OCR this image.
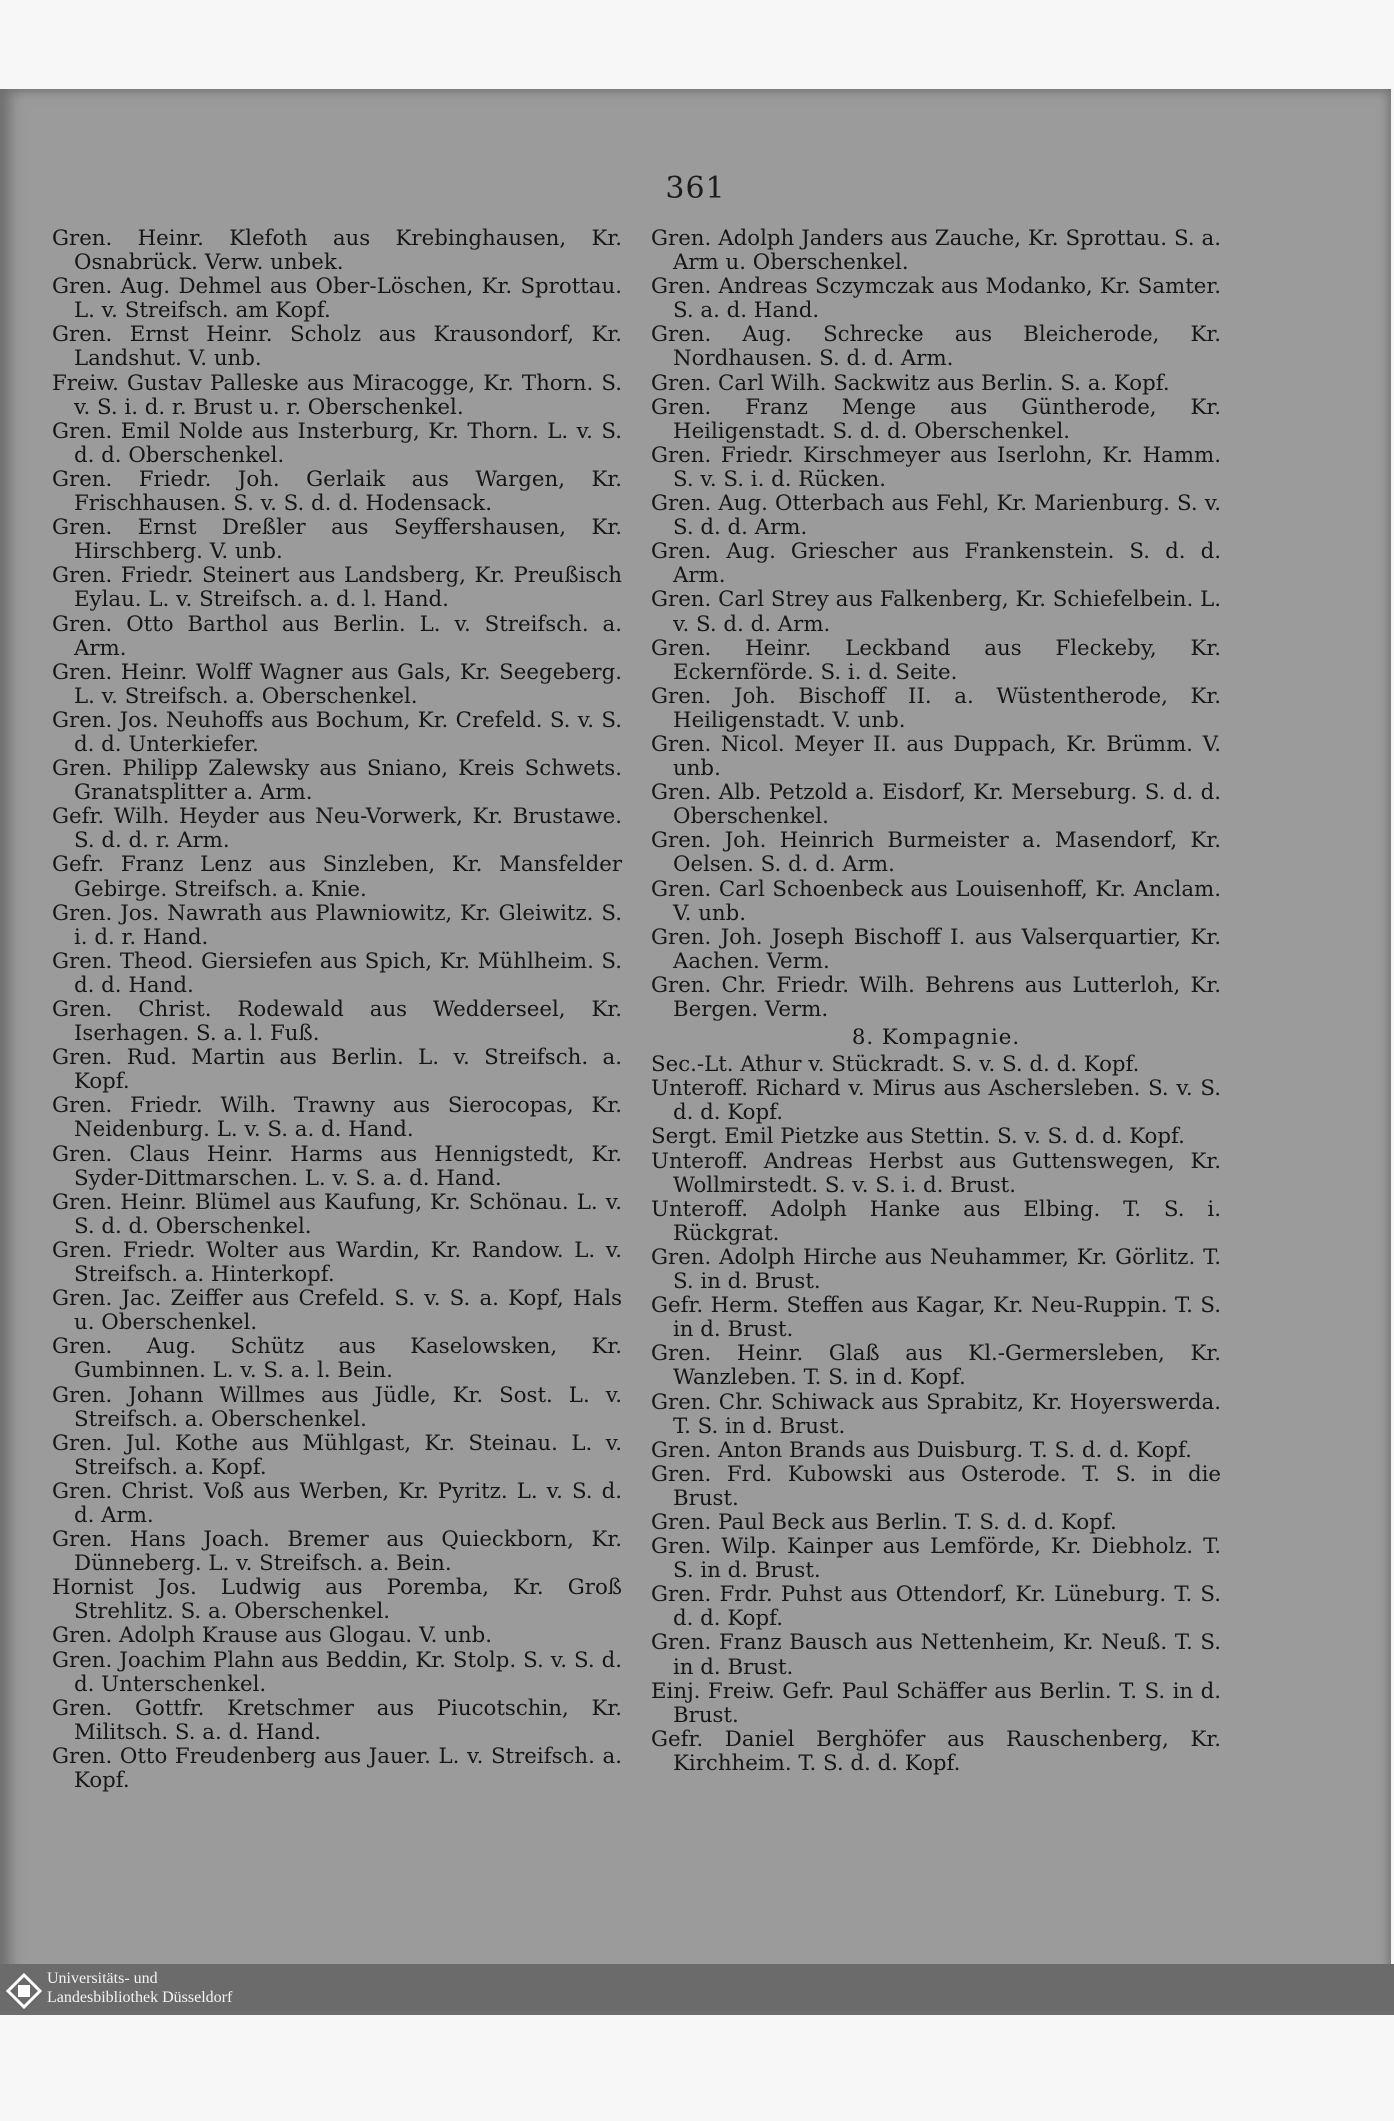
361
Gren. Heinr. Klefoth aus Krebinghausen, Kr. Osnabrück. Verw. unbek.
Gren. Aug. Dehmel aus Ober-Löschen, Kr. Sprottau. L. v. Streifsch. am Kopf.
Gren. Ernst Heinr. Scholz aus Krausondorf, Kr. Landshut. V. unb.
Freiw. Gustav Palleske aus Miracogge, Kr. Thorn. S. v. S. i. d. r. Brust u. r. Oberschenkel.
Gren. Emil Nolde aus Insterburg, Kr. Thorn. L. v. S. d. d. Oberschenkel.
Gren. Friedr. Joh. Gerlaik aus Wargen, Kr. Frischhausen. S. v. S. d. d. Hodensack.
Gren. Ernst Dreßler aus Seyffershausen, Kr. Hirschberg. V. unb.
Gren. Friedr. Steinert aus Landsberg, Kr. Preußisch Eylau. L. v. Streifsch. a. d. l. Hand.
Gren. Otto Barthol aus Berlin. L. v. Streifsch. a. Arm.
Gren. Heinr. Wolff Wagner aus Gals, Kr. Seegeberg. L. v. Streifsch. a. Oberschenkel.
Gren. Jos. Neuhoffs aus Bochum, Kr. Crefeld. S. v. S. d. d. Unterkiefer.
Gren. Philipp Zalewsky aus Sniano, Kreis Schwets. Granatsplitter a. Arm.
Gefr. Wilh. Heyder aus Neu-Vorwerk, Kr. Brustawe. S. d. d. r. Arm.
Gefr. Franz Lenz aus Sinzleben, Kr. Mansfelder Gebirge. Streifsch. a. Knie.
Gren. Jos. Nawrath aus Plawniowitz, Kr. Gleiwitz. S. i. d. r. Hand.
Gren. Theod. Giersiefen aus Spich, Kr. Mühlheim. S. d. d. Hand.
Gren. Christ. Rodewald aus Wedderseel, Kr. Iserhagen. S. a. l. Fuß.
Gren. Rud. Martin aus Berlin. L. v. Streifsch. a. Kopf.
Gren. Friedr. Wilh. Trawny aus Sierocopas, Kr. Neidenburg. L. v. S. a. d. Hand.
Gren. Claus Heinr. Harms aus Hennigstedt, Kr. Syder-Dittmarschen. L. v. S. a. d. Hand.
Gren. Heinr. Blümel aus Kaufung, Kr. Schönau. L. v. S. d. d. Oberschenkel.
Gren. Friedr. Wolter aus Wardin, Kr. Randow. L. v. Streifsch. a. Hinterkopf.
Gren. Jac. Zeiffer aus Crefeld. S. v. S. a. Kopf, Hals u. Oberschenkel.
Gren. Aug. Schütz aus Kaselowsken, Kr. Gumbinnen. L. v. S. a. l. Bein.
Gren. Johann Willmes aus Jüdle, Kr. Sost. L. v. Streifsch. a. Oberschenkel.
Gren. Jul. Kothe aus Mühlgast, Kr. Steinau. L. v. Streifsch. a. Kopf.
Gren. Christ. Voß aus Werben, Kr. Pyritz. L. v. S. d. d. Arm.
Gren. Hans Joach. Bremer aus Quieckborn, Kr. Dünneberg. L. v. Streifsch. a. Bein.
Hornist Jos. Ludwig aus Poremba, Kr. Groß Strehlitz. S. a. Oberschenkel.
Gren. Adolph Krause aus Glogau. V. unb.
Gren. Joachim Plahn aus Beddin, Kr. Stolp. S. v. S. d. d. Unterschenkel.
Gren. Gottfr. Kretschmer aus Piucotschin, Kr. Militsch. S. a. d. Hand.
Gren. Otto Freudenberg aus Jauer. L. v. Streifsch. a. Kopf.
Gren. Adolph Janders aus Zauche, Kr. Sprottau. S. a. Arm u. Oberschenkel.
Gren. Andreas Sczymczak aus Modanko, Kr. Samter. S. a. d. Hand.
Gren. Aug. Schrecke aus Bleicherode, Kr. Nordhausen. S. d. d. Arm.
Gren. Carl Wilh. Sackwitz aus Berlin. S. a. Kopf.
Gren. Franz Menge aus Güntherode, Kr. Heiligenstadt. S. d. d. Oberschenkel.
Gren. Friedr. Kirschmeyer aus Iserlohn, Kr. Hamm. S. v. S. i. d. Rücken.
Gren. Aug. Otterbach aus Fehl, Kr. Marienburg. S. v. S. d. d. Arm.
Gren. Aug. Griescher aus Frankenstein. S. d. d. Arm.
Gren. Carl Strey aus Falkenberg, Kr. Schiefelbein. L. v. S. d. d. Arm.
Gren. Heinr. Leckband aus Fleckeby, Kr. Eckernförde. S. i. d. Seite.
Gren. Joh. Bischoff II. a. Wüstentherode, Kr. Heiligenstadt. V. unb.
Gren. Nicol. Meyer II. aus Duppach, Kr. Brümm. V. unb.
Gren. Alb. Petzold a. Eisdorf, Kr. Merseburg. S. d. d. Oberschenkel.
Gren. Joh. Heinrich Burmeister a. Masendorf, Kr. Oelsen. S. d. d. Arm.
Gren. Carl Schoenbeck aus Louisenhoff, Kr. Anclam. V. unb.
Gren. Joh. Joseph Bischoff I. aus Valserquartier, Kr. Aachen. Verm.
Gren. Chr. Friedr. Wilh. Behrens aus Lutterloh, Kr. Bergen. Verm.
8. Kompagnie.
Sec.-Lt. Athur v. Stückradt. S. v. S. d. d. Kopf.
Unteroff. Richard v. Mirus aus Aschersleben. S. v. S. d. d. Kopf.
Sergt. Emil Pietzke aus Stettin. S. v. S. d. d. Kopf.
Unteroff. Andreas Herbst aus Guttenswegen, Kr. Wollmirstedt. S. v. S. i. d. Brust.
Unteroff. Adolph Hanke aus Elbing. T. S. i. Rückgrat.
Gren. Adolph Hirche aus Neuhammer, Kr. Görlitz. T. S. in d. Brust.
Gefr. Herm. Steffen aus Kagar, Kr. Neu-Ruppin. T. S. in d. Brust.
Gren. Heinr. Glaß aus Kl.-Germersleben, Kr. Wanzleben. T. S. in d. Kopf.
Gren. Chr. Schiwack aus Sprabitz, Kr. Hoyerswerda. T. S. in d. Brust.
Gren. Anton Brands aus Duisburg. T. S. d. d. Kopf.
Gren. Frd. Kubowski aus Osterode. T. S. in die Brust.
Gren. Paul Beck aus Berlin. T. S. d. d. Kopf.
Gren. Wilp. Kainper aus Lemförde, Kr. Diebholz. T. S. in d. Brust.
Gren. Frdr. Puhst aus Ottendorf, Kr. Lüneburg. T. S. d. d. Kopf.
Gren. Franz Bausch aus Nettenheim, Kr. Neuß. T. S. in d. Brust.
Einj. Freiw. Gefr. Paul Schäffer aus Berlin. T. S. in d. Brust.
Gefr. Daniel Berghöfer aus Rauschenberg, Kr. Kirchheim. T. S. d. d. Kopf.
Universitäts- und
Landesbibliothek Düsseldorf
